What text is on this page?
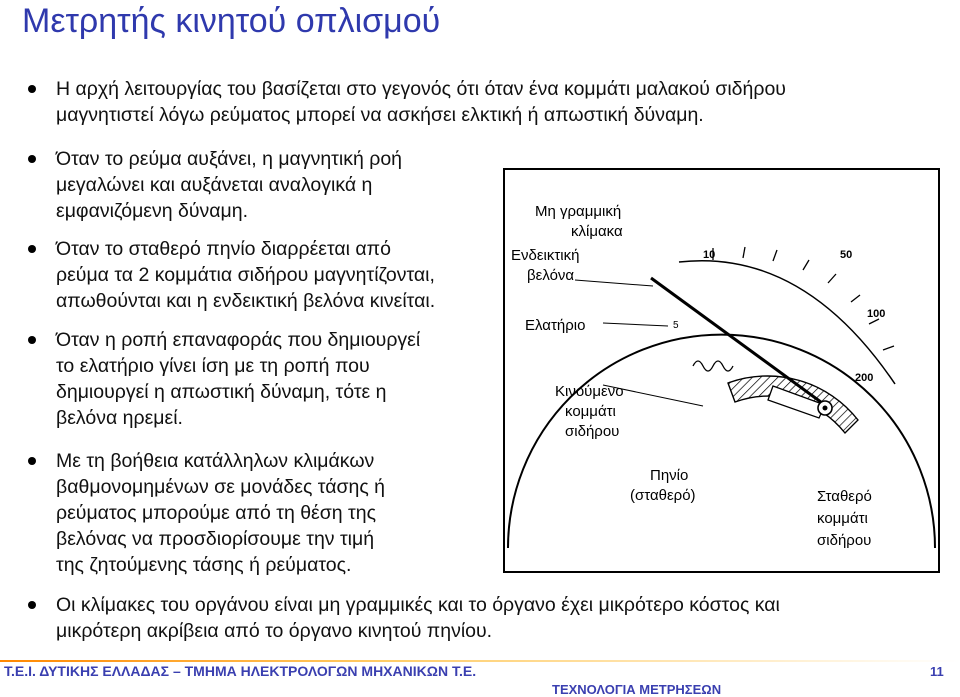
Μετρητής κινητού οπλισμού
Η αρχή λειτουργίας του βασίζεται στο γεγονός ότι όταν ένα κομμάτι μαλακού σιδήρου
μαγνητιστεί λόγω ρεύματος μπορεί να ασκήσει ελκτική ή απωστική δύναμη.
Όταν το ρεύμα αυξάνει, η μαγνητική ροή
μεγαλώνει και αυξάνεται αναλογικά η
εμφανιζόμενη δύναμη.
Όταν το σταθερό πηνίο διαρρέεται από
ρεύμα τα 2 κομμάτια σιδήρου μαγνητίζονται,
απωθούνται και η ενδεικτική βελόνα κινείται.
Όταν η ροπή επαναφοράς που δημιουργεί
το ελατήριο γίνει ίση με τη ροπή που
δημιουργεί η απωστική δύναμη, τότε η
βελόνα ηρεμεί.
Με τη βοήθεια κατάλληλων κλιμάκων
βαθμονομημένων σε μονάδες τάσης ή
ρεύματος μπορούμε από τη θέση της
βελόνας να προσδιορίσουμε την τιμή
της ζητούμενης τάσης ή ρεύματος.
Οι κλίμακες του οργάνου είναι μη γραμμικές και το όργανο έχει μικρότερο κόστος και
μικρότερη ακρίβεια από το όργανο κινητού πηνίου.
10	50
100
200
5
Μη γραμμική
κλίμακα
Ενδεικτική
βελόνα
Ελατήριο
Κινούμενο
κομμάτι
σιδήρου
Πηνίο
(σταθερό)	Σταθερό
κομμάτι
σιδήρου
Τ.Ε.Ι. ΔΥΤΙΚΗΣ ΕΛΛΑΔΑΣ – ΤΜΗΜΑ ΗΛΕΚΤΡΟΛΟΓΩΝ ΜΗΧΑΝΙΚΩΝ Τ.Ε.
ΤΕΧΝΟΛΟΓΙΑ ΜΕΤΡΗΣΕΩΝ
11
